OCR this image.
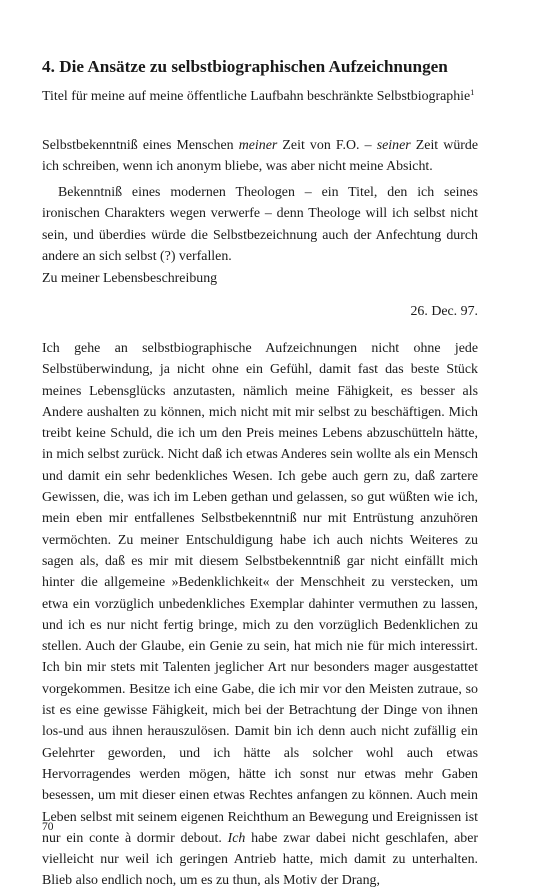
4. Die Ansätze zu selbstbiographischen Aufzeichnungen

Titel für meine auf meine öffentliche Laufbahn beschränkte Selbstbiographie$^1$

Selbstbekenntniß eines Menschen meiner Zeit von F.O. – seiner Zeit würde ich schreiben, wenn ich anonym bliebe, was aber nicht meine Absicht.

Bekenntniß eines modernen Theologen – ein Titel, den ich seines ironischen Charakters wegen verwerfe – denn Theologe will ich selbst nicht sein, und überdies würde die Selbstbezeichnung auch der Anfechtung durch andere an sich selbst (?) verfallen.

Zu meiner Lebensbeschreibung

26. Dec. 97.

Ich gehe an selbstbiographische Aufzeichnungen nicht ohne jede Selbstüberwindung, ja nicht ohne ein Gefühl, damit fast das beste Stück meines Lebensglücks anzutasten, nämlich meine Fähigkeit, es besser als Andere aushalten zu können, mich nicht mit mir selbst zu beschäftigen. Mich treibt keine Schuld, die ich um den Preis meines Lebens abzuschütteln hätte, in mich selbst zurück. Nicht daß ich etwas Anderes sein wollte als ein Mensch und damit ein sehr bedenkliches Wesen. Ich gebe auch gern zu, daß zartere Gewissen, die, was ich im Leben gethan und gelassen, so gut wüßten wie ich, mein eben mir entfallenes Selbstbekenntniß nur mit Entrüstung anzuhören vermöchten. Zu meiner Entschuldigung habe ich auch nichts Weiteres zu sagen als, daß es mir mit diesem Selbstbekenntniß gar nicht einfällt mich hinter die allgemeine »Bedenklichkeit« der Menschheit zu verstecken, um etwa ein vorzüglich unbedenkliches Exemplar dahinter vermuthen zu lassen, und ich es nur nicht fertig bringe, mich zu den vorzüglich Bedenklichen zu stellen. Auch der Glaube, ein Genie zu sein, hat mich nie für mich interessirt. Ich bin mir stets mit Talenten jeglicher Art nur besonders mager ausgestattet vorgekommen. Besitze ich eine Gabe, die ich mir vor den Meisten zutraue, so ist es eine gewisse Fähigkeit, mich bei der Betrachtung der Dinge von ihnen los-und aus ihnen herauszulösen. Damit bin ich denn auch nicht zufällig ein Gelehrter geworden, und ich hätte als solcher wohl auch etwas Hervorragendes werden mögen, hätte ich sonst nur etwas mehr Gaben besessen, um mit dieser einen etwas Rechtes anfangen zu können. Auch mein Leben selbst mit seinem eigenen Reichthum an Bewegung und Ereignissen ist nur ein conte à dormir debout. Ich habe zwar dabei nicht geschlafen, aber vielleicht nur weil ich geringen Antrieb hatte, mich damit zu unterhalten. Blieb also endlich noch, um es zu thun, als Motiv der Drang,

70
